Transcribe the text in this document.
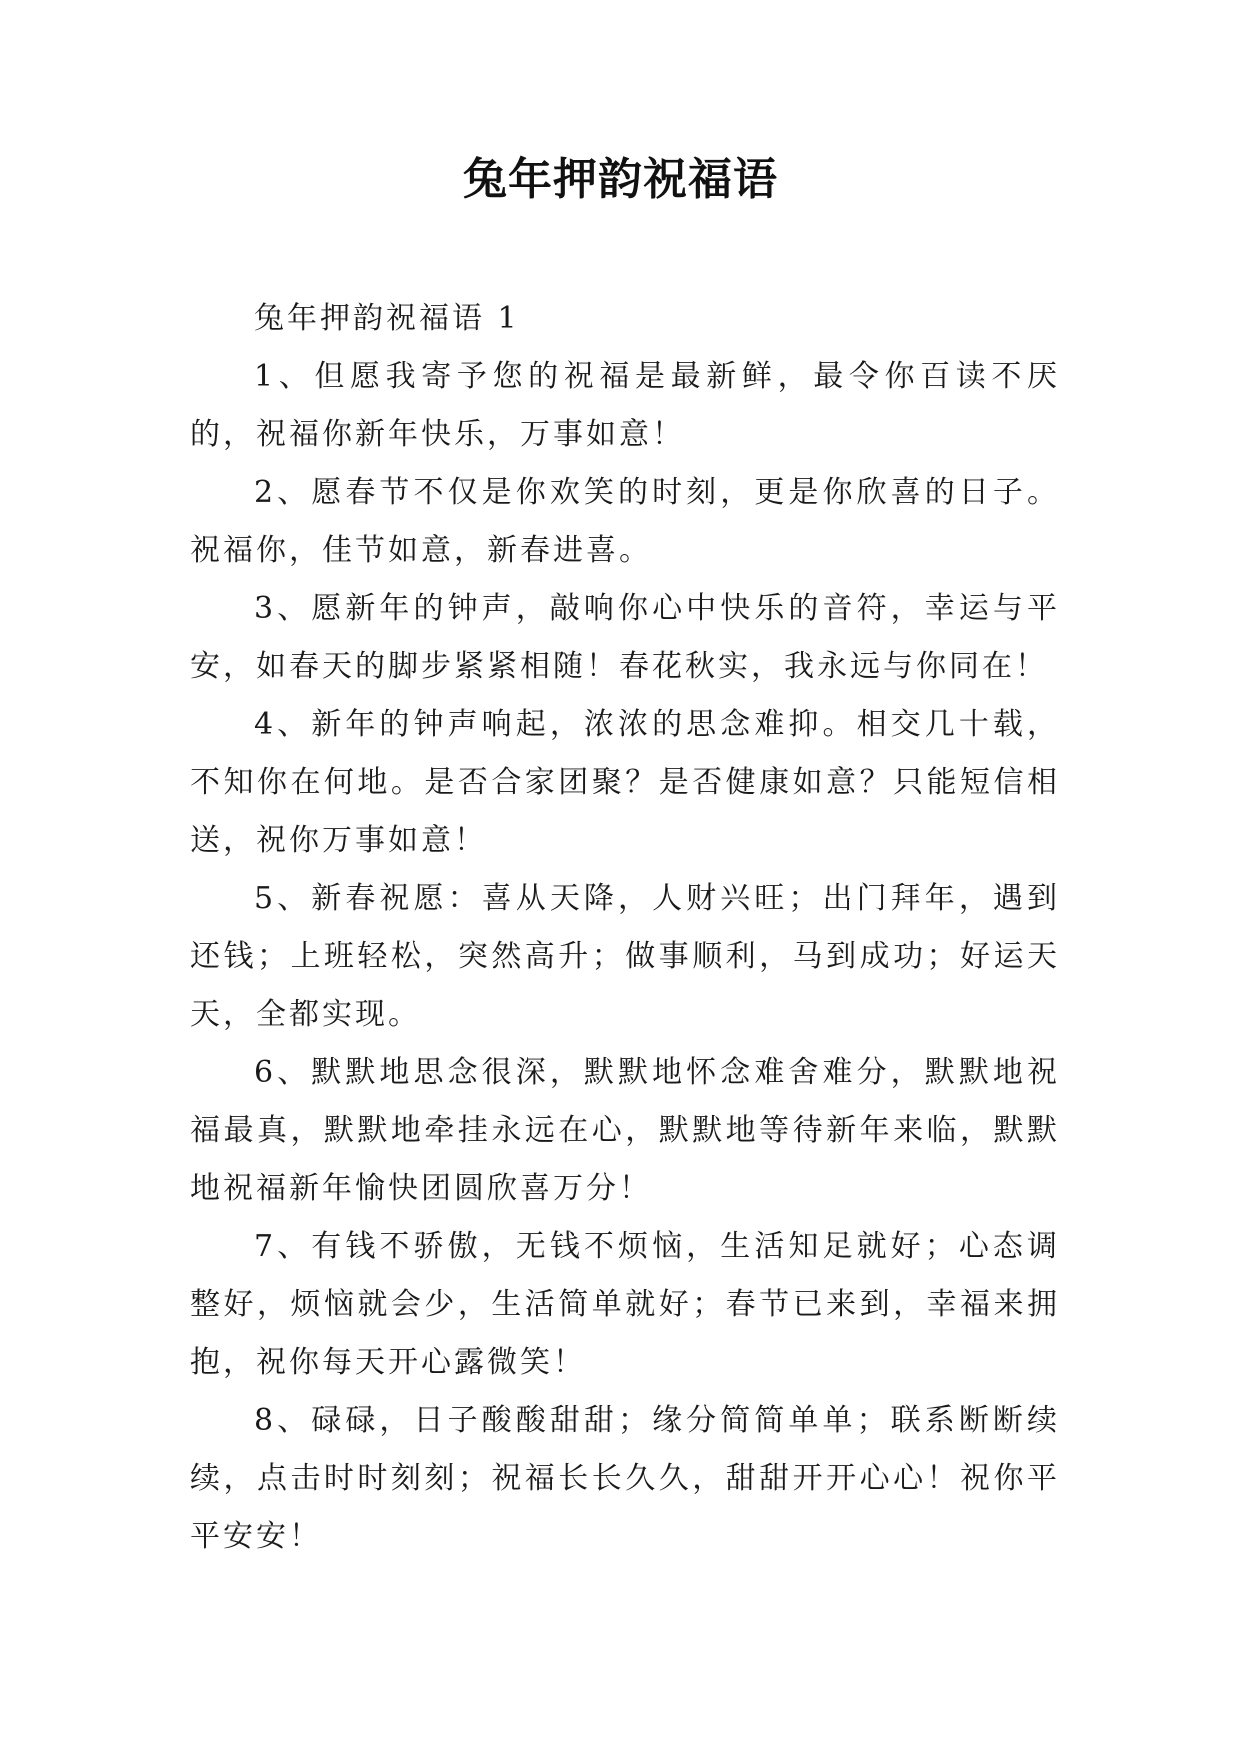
兔年押韵祝福语

兔年押韵祝福语 1

1、但愿我寄予您的祝福是最新鲜，最令你百读不厌的，祝福你新年快乐，万事如意！

2、愿春节不仅是你欢笑的时刻，更是你欣喜的日子。祝福你，佳节如意，新春进喜。

3、愿新年的钟声，敲响你心中快乐的音符，幸运与平安，如春天的脚步紧紧相随！春花秋实，我永远与你同在！

4、新年的钟声响起，浓浓的思念难抑。相交几十载，不知你在何地。是否合家团聚？是否健康如意？只能短信相送，祝你万事如意！

5、新春祝愿：喜从天降，人财兴旺；出门拜年，遇到还钱；上班轻松，突然高升；做事顺利，马到成功；好运天天，全都实现。

6、默默地思念很深，默默地怀念难舍难分，默默地祝福最真，默默地牵挂永远在心，默默地等待新年来临，默默地祝福新年愉快团圆欣喜万分！

7、有钱不骄傲，无钱不烦恼，生活知足就好；心态调整好，烦恼就会少，生活简单就好；春节已来到，幸福来拥抱，祝你每天开心露微笑！

8、碌碌，日子酸酸甜甜；缘分简简单单；联系断断续续，点击时时刻刻；祝福长长久久，甜甜开开心心！祝你平平安安！
